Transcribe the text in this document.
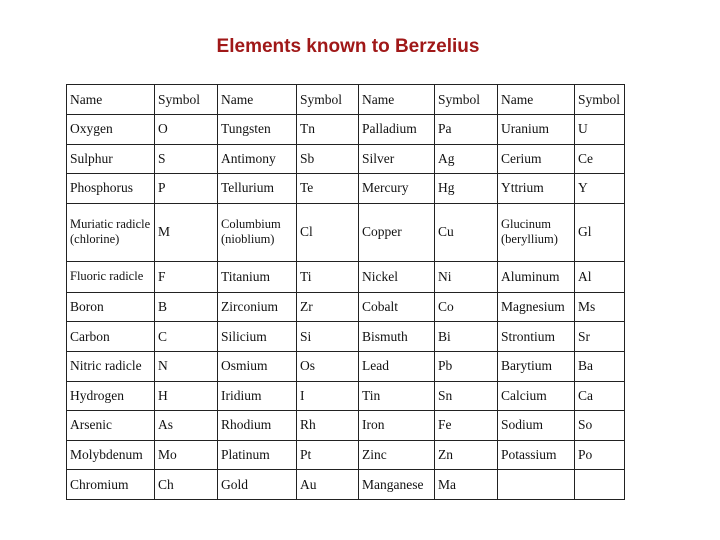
Elements known to Berzelius
Name	Symbol	Name	Symbol	Name	Symbol	Name	Symbol
Oxygen	O	Tungsten	Tn	Palladium	Pa	Uranium	U
Sulphur	S	Antimony	Sb	Silver	Ag	Cerium	Ce
Phosphorus	P	Tellurium	Te	Mercury	Hg	Yttrium	Y
Muriatic radicle (chlorine)	M	Columbium (nioblium)	Cl	Copper	Cu	Glucinum (beryllium)	Gl
Fluoric radicle	F	Titanium	Ti	Nickel	Ni	Aluminum	Al
Boron	B	Zirconium	Zr	Cobalt	Co	Magnesium	Ms
Carbon	C	Silicium	Si	Bismuth	Bi	Strontium	Sr
Nitric radicle	N	Osmium	Os	Lead	Pb	Barytium	Ba
Hydrogen	H	Iridium	I	Tin	Sn	Calcium	Ca
Arsenic	As	Rhodium	Rh	Iron	Fe	Sodium	So
Molybdenum	Mo	Platinum	Pt	Zinc	Zn	Potassium	Po
Chromium	Ch	Gold	Au	Manganese	Ma		
